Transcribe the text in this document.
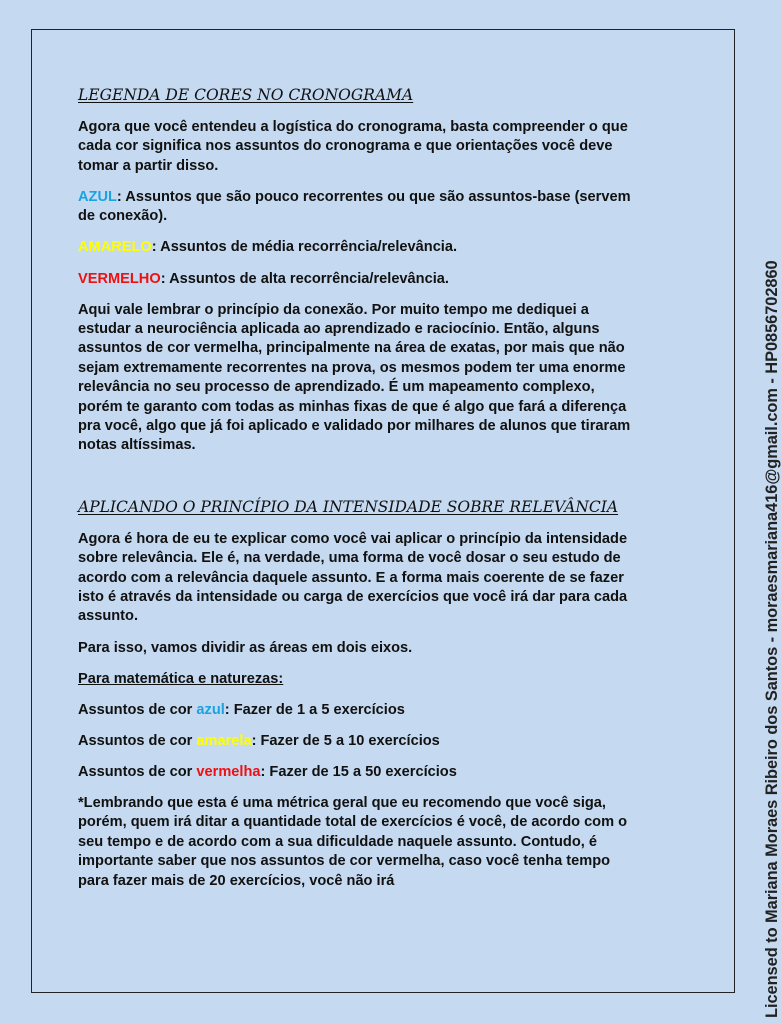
LEGENDA DE CORES NO CRONOGRAMA

Agora que você entendeu a logística do cronograma, basta compreender o que cada cor significa nos assuntos do cronograma e que orientações você deve tomar a partir disso.

AZUL: Assuntos que são pouco recorrentes ou que são assuntos-base (servem de conexão).

AMARELO: Assuntos de média recorrência/relevância.

VERMELHO: Assuntos de alta recorrência/relevância.

Aqui vale lembrar o princípio da conexão. Por muito tempo me dediquei a estudar a neurociência aplicada ao aprendizado e raciocínio. Então, alguns assuntos de cor vermelha, principalmente na área de exatas, por mais que não sejam extremamente recorrentes na prova, os mesmos podem ter uma enorme relevância no seu processo de aprendizado. É um mapeamento complexo, porém te garanto com todas as minhas fixas de que é algo que fará a diferença pra você, algo que já foi aplicado e validado por milhares de alunos que tiraram notas altíssimas.

APLICANDO O PRINCÍPIO DA INTENSIDADE SOBRE RELEVÂNCIA

Agora é hora de eu te explicar como você vai aplicar o princípio da intensidade sobre relevância. Ele é, na verdade, uma forma de você dosar o seu estudo de acordo com a relevância daquele assunto. E a forma mais coerente de se fazer isto é através da intensidade ou carga de exercícios que você irá dar para cada assunto.

Para isso, vamos dividir as áreas em dois eixos.

Para matemática e naturezas:

Assuntos de cor azul: Fazer de 1 a 5 exercícios

Assuntos de cor amarela: Fazer de 5 a 10 exercícios

Assuntos de cor vermelha: Fazer de 15 a 50 exercícios

*Lembrando que esta é uma métrica geral que eu recomendo que você siga, porém, quem irá ditar a quantidade total de exercícios é você, de acordo com o seu tempo e de acordo com a sua dificuldade naquele assunto. Contudo, é importante saber que nos assuntos de cor vermelha, caso você tenha tempo para fazer mais de 20 exercícios, você não irá	Licensed to Mariana Moraes Ribeiro dos Santos - moraesmariana416@gmail.com - HP0856702860
